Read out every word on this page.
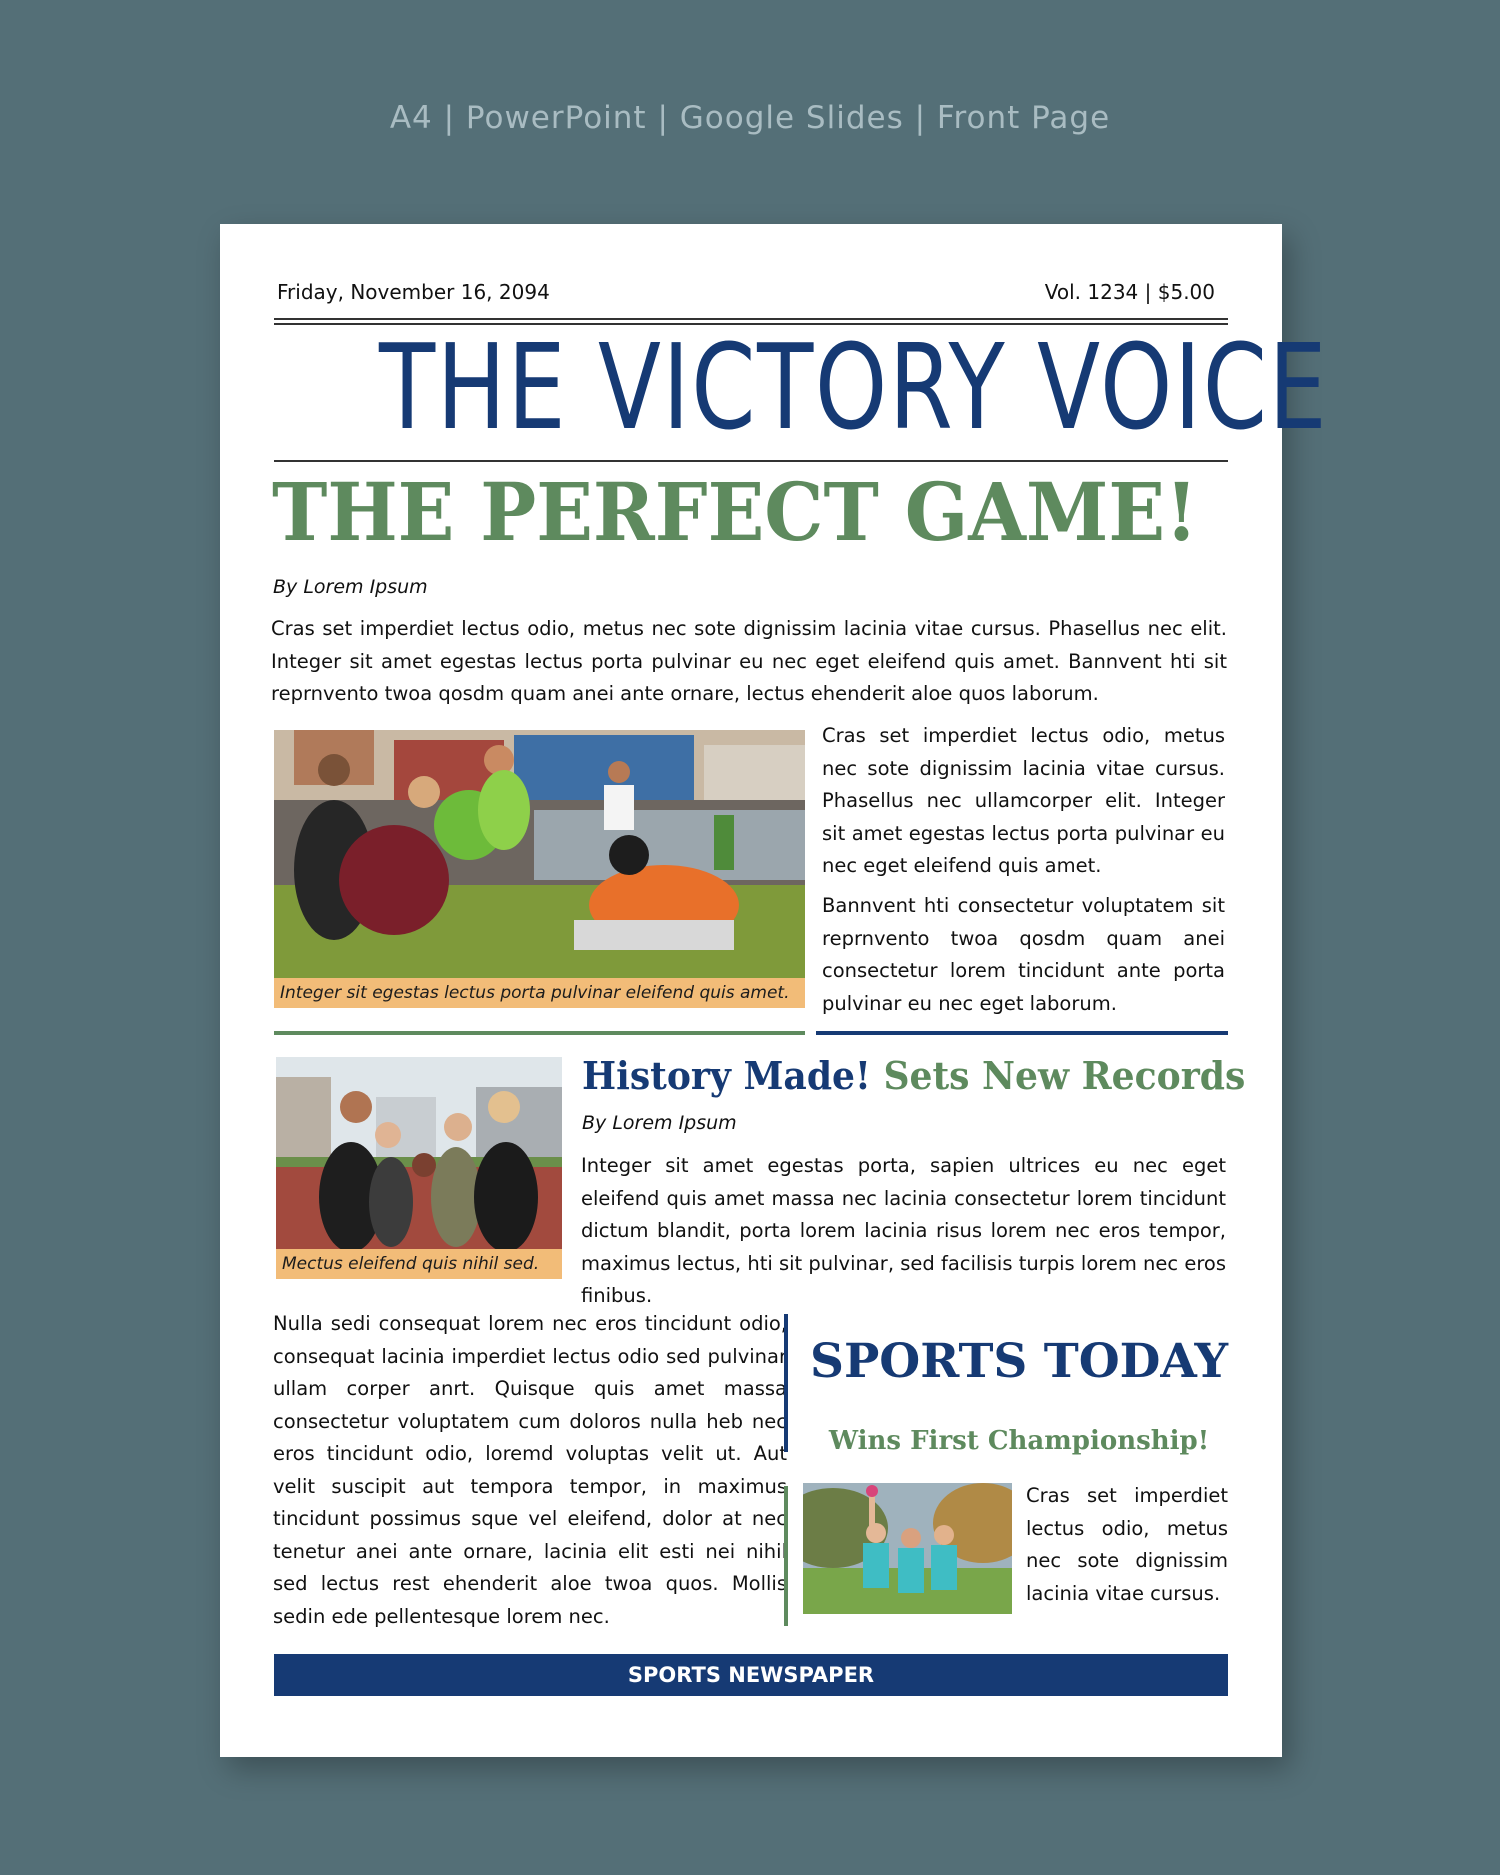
A4 | PowerPoint | Google Slides | Front Page
Friday, November 16, 2094	Vol. 1234 | $5.00
THE VICTORY VOICE
THE PERFECT GAME!
By Lorem Ipsum
Cras set imperdiet lectus odio, metus nec sote dignissim lacinia vitae cursus. Phasellus nec elit. Integer sit amet egestas lectus porta pulvinar eu nec eget eleifend quis amet. Bannvent hti sit reprnvento twoa qosdm quam anei ante ornare, lectus ehenderit aloe quos laborum.
Integer sit egestas lectus porta pulvinar eleifend quis amet.
Cras set imperdiet lectus odio, metus nec sote dignissim lacinia vitae cursus. Phasellus nec ullamcorper elit. Integer sit amet egestas lectus porta pulvinar eu nec eget eleifend quis amet.
Bannvent hti consectetur voluptatem sit reprnvento twoa qosdm quam anei consectetur lorem tincidunt ante porta pulvinar eu nec eget laborum.
Mectus eleifend quis nihil sed.
History Made! Sets New Records
By Lorem Ipsum
Integer sit amet egestas porta, sapien ultrices eu nec eget eleifend quis amet massa nec lacinia consectetur lorem tincidunt dictum blandit, porta lorem lacinia risus lorem nec eros tempor, maximus lectus, hti sit pulvinar, sed facilisis turpis lorem nec eros finibus.
Nulla sedi consequat lorem nec eros tincidunt odio, consequat lacinia imperdiet lectus odio sed pulvinar ullam corper anrt. Quisque quis amet massa consectetur voluptatem cum doloros nulla heb nec eros tincidunt odio, loremd voluptas velit ut. Aut velit suscipit aut tempora tempor, in maximus tincidunt possimus sque vel eleifend, dolor at nec tenetur anei ante ornare, lacinia elit esti nei nihil sed lectus rest ehenderit aloe twoa quos. Mollis sedin ede pellentesque lorem nec.
SPORTS TODAY
Wins First Championship!
Cras set imperdiet lectus odio, metus nec sote dignissim lacinia vitae cursus.
SPORTS NEWSPAPER
